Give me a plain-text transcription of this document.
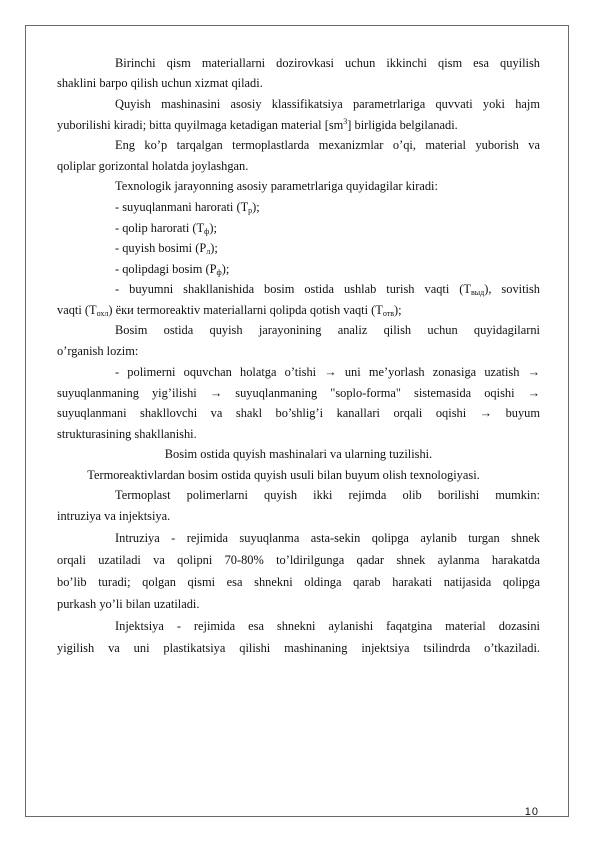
Birinchi qism materiallarni dozirovkasi uchun ikkinchi qism esa quyilish
shaklini barpo qilish uchun xizmat qiladi.
Quyish mashinasini asosiy klassifikatsiya parametrlariga quvvati yoki hajm
yuborilishi kiradi; bitta quyilmaga ketadigan material $[sm^3]$ birligida belgilanadi.
Eng ko’p tarqalgan termoplastlarda mexanizmlar o’qi, material yuborish va
qoliplar gorizontal holatda joylashgan.
Texnologik jarayonning asosiy parametrlariga quyidagilar kiradi:
- suyuqlanmani harorati $(T_p)$;
- qolip harorati $(T_ф)$;
- quyish bosimi $(P_л)$;
- qolipdagi bosim $(P_ф)$;
- buyumni shakllanishida bosim ostida ushlab turish vaqti $(T_{выд})$, sovitish
vaqti $(T_{охл})$ ёки termoreaktiv materiallarni qolipda qotish vaqti $(T_{отв})$;
Bosim ostida quyish jarayonining analiz qilish uchun quyidagilarni
o’rganish lozim:
- polimerni oquvchan holatga o’tishi → uni me’yorlash zonasiga uzatish →
suyuqlanmaning yig’ilishi → suyuqlanmaning "soplo-forma" sistemasida oqishi →
suyuqlanmani shakllovchi va shakl bo’shlig’i kanallari orqali oqishi → buyum
strukturasining shakllanishi.
Bosim ostida quyish mashinalari va ularning tuzilishi.
Termoreaktivlardan bosim ostida quyish usuli bilan buyum olish texnologiyasi.
Termoplast polimerlarni quyish ikki rejimda olib borilishi mumkin:
intruziya va injektsiya.
Intruziya - rejimida suyuqlanma asta-sekin qolipga aylanib turgan shnek
orqali uzatiladi va qolipni 70-80% to’ldirilgunga qadar shnek aylanma harakatda
bo’lib turadi; qolgan qismi esa shnekni oldinga qarab harakati natijasida qolipga
purkash yo’li bilan uzatiladi.
Injektsiya - rejimida esa shnekni aylanishi faqatgina material dozasini
yigilish va uni plastikatsiya qilishi mashinaning injektsiya tsilindrda o’tkaziladi.
10
